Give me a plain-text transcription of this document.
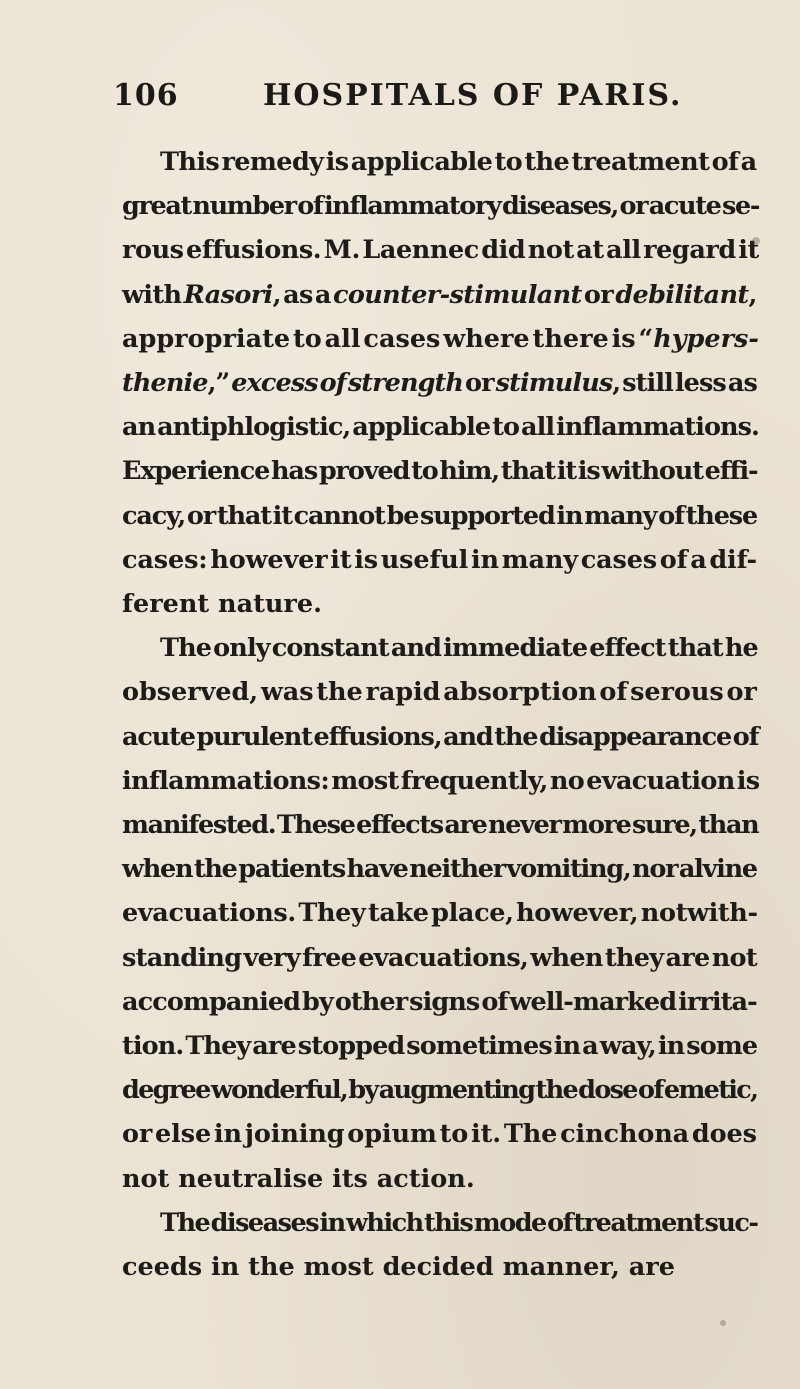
106	HOSPITALS OF PARIS.
This remedy is applicable to the treatment of a
great number of inflammatory diseases, or acute se-
rous effusions. M. Laennec did not at all regard it
with Rasori, as a counter-stimulant or debilitant,
appropriate to all cases where there is “hypers-
thenie,” excess of strength or stimulus, still less as
an antiphlogistic, applicable to all inflammations.
Experience has proved to him, that it is without effi-
cacy, or that it cannot be supported in many of these
cases: however it is useful in many cases of a dif-
ferent nature.
The only constant and immediate effect that he
observed, was the rapid absorption of serous or
acute purulent effusions, and the disappearance of
inflammations: most frequently, no evacuation is
manifested. These effects are never more sure, than
when the patients have neither vomiting, nor alvine
evacuations. They take place, however, notwith-
standing very free evacuations, when they are not
accompanied by other signs of well-marked irrita-
tion. They are stopped sometimes in a way, in some
degree wonderful, by augmenting the dose of emetic,
or else in joining opium to it. The cinchona does
not neutralise its action.
The diseases in which this mode of treatment suc-
ceeds in the most decided manner, are
